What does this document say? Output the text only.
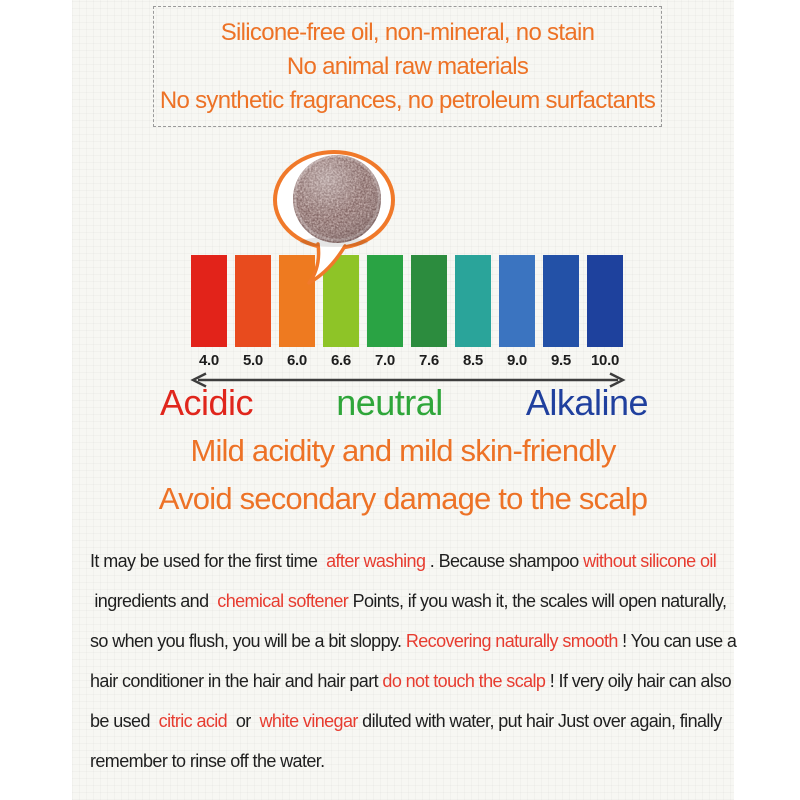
Silicone-free oil, non-mineral, no stain
No animal raw materials
No synthetic fragrances, no petroleum surfactants
4.0 5.0 6.0 6.6 7.0 7.6 8.5 9.0 9.5 10.0
Acidic neutral Alkaline
Mild acidity and mild skin-friendly
Avoid secondary damage to the scalp
It may be used for the first time  after washing . Because shampoo without silicone oil
ingredients and  chemical softener Points, if you wash it, the scales will open naturally,
so when you flush, you will be a bit sloppy. Recovering naturally smooth ! You can use a
hair conditioner in the hair and hair part do not touch the scalp ! If very oily hair can also
be used  citric acid  or  white vinegar diluted with water, put hair Just over again, finally
remember to rinse off the water.
